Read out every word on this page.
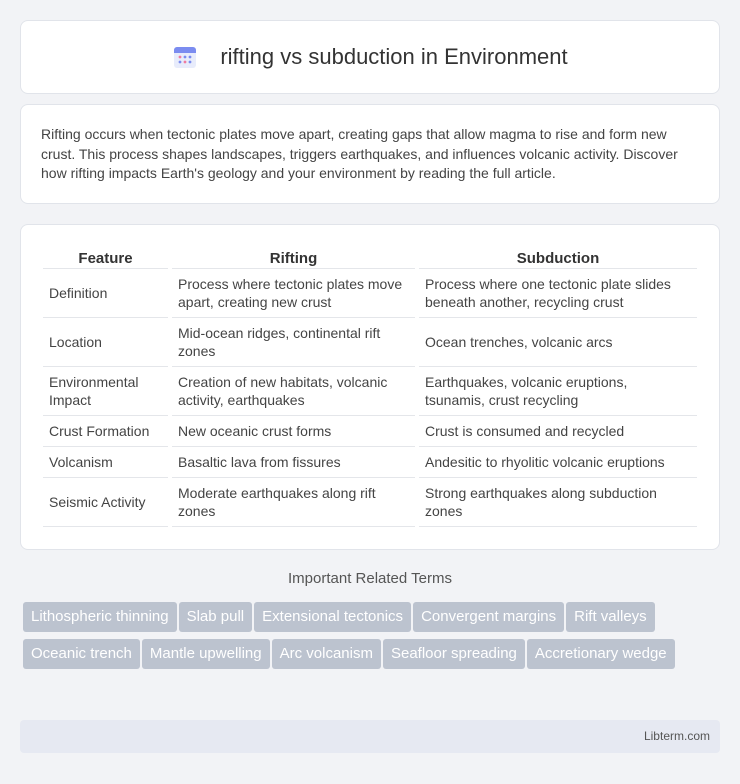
rifting vs subduction in Environment

Rifting occurs when tectonic plates move apart, creating gaps that allow magma to rise and form new crust. This process shapes landscapes, triggers earthquakes, and influences volcanic activity. Discover how rifting impacts Earth's geology and your environment by reading the full article.

Feature	Rifting	Subduction
Definition	Process where tectonic plates move apart, creating new crust	Process where one tectonic plate slides beneath another, recycling crust
Location	Mid-ocean ridges, continental rift zones	Ocean trenches, volcanic arcs
Environmental Impact	Creation of new habitats, volcanic activity, earthquakes	Earthquakes, volcanic eruptions, tsunamis, crust recycling
Crust Formation	New oceanic crust forms	Crust is consumed and recycled
Volcanism	Basaltic lava from fissures	Andesitic to rhyolitic volcanic eruptions
Seismic Activity	Moderate earthquakes along rift zones	Strong earthquakes along subduction zones
Important Related Terms
Lithospheric thinning Slab pull Extensional tectonics Convergent margins Rift valleysOceanic trench Mantle upwelling Arc volcanism Seafloor spreading Accretionary wedge
Libterm.com
